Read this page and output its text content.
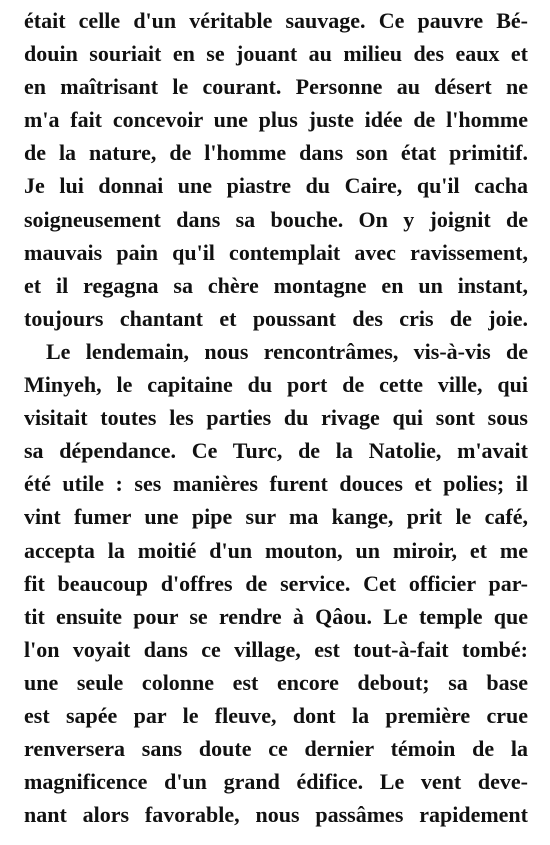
était celle d'un véritable sauvage. Ce pauvre Bé-
douin souriait en se jouant au milieu des eaux et
en maîtrisant le courant. Personne au désert ne
m'a fait concevoir une plus juste idée de l'homme
de la nature, de l'homme dans son état primitif.
Je lui donnai une piastre du Caire, qu'il cacha
soigneusement dans sa bouche. On y joignit de
mauvais pain qu'il contemplait avec ravissement,
et il regagna sa chère montagne en un instant,
toujours chantant et poussant des cris de joie.
Le lendemain, nous rencontrâmes, vis-à-vis de
Minyeh, le capitaine du port de cette ville, qui
visitait toutes les parties du rivage qui sont sous
sa dépendance. Ce Turc, de la Natolie, m'avait
été utile : ses manières furent douces et polies; il
vint fumer une pipe sur ma kange, prit le café,
accepta la moitié d'un mouton, un miroir, et me
fit beaucoup d'offres de service. Cet officier par-
tit ensuite pour se rendre à Qâou. Le temple que
l'on voyait dans ce village, est tout-à-fait tombé:
une seule colonne est encore debout; sa base
est sapée par le fleuve, dont la première crue
renversera sans doute ce dernier témoin de la
magnificence d'un grand édifice. Le vent deve-
nant alors favorable, nous passâmes rapidement
